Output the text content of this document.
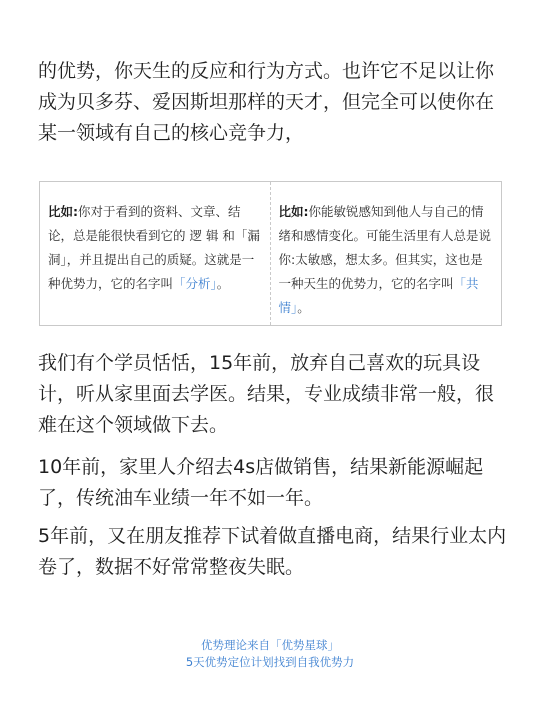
的优势，你天生的反应和行为方式。也许它不足以让你成为贝多芬、爱因斯坦那样的天才，但完全可以使你在某一领域有自己的核心竞争力，

比如:你对于看到的资料、文章、结论，总是能很快看到它的 逻 辑 和「漏洞」，并且提出自己的质疑。这就是一种优势力，它的名字叫「分析」。
比如:你能敏锐感知到他人与自己的情绪和感情变化。可能生活里有人总是说你:太敏感，想太多。但其实，这也是一种天生的优势力，它的名字叫「共情」。

我们有个学员恬恬，15年前，放弃自己喜欢的玩具设计，听从家里面去学医。结果，专业成绩非常一般，很难在这个领域做下去。

10年前，家里人介绍去4s店做销售，结果新能源崛起了，传统油车业绩一年不如一年。

5年前，又在朋友推荐下试着做直播电商，结果行业太内卷了，数据不好常常整夜失眠。

优势理论来自「优势星球」
5天优势定位计划找到自我优势力
